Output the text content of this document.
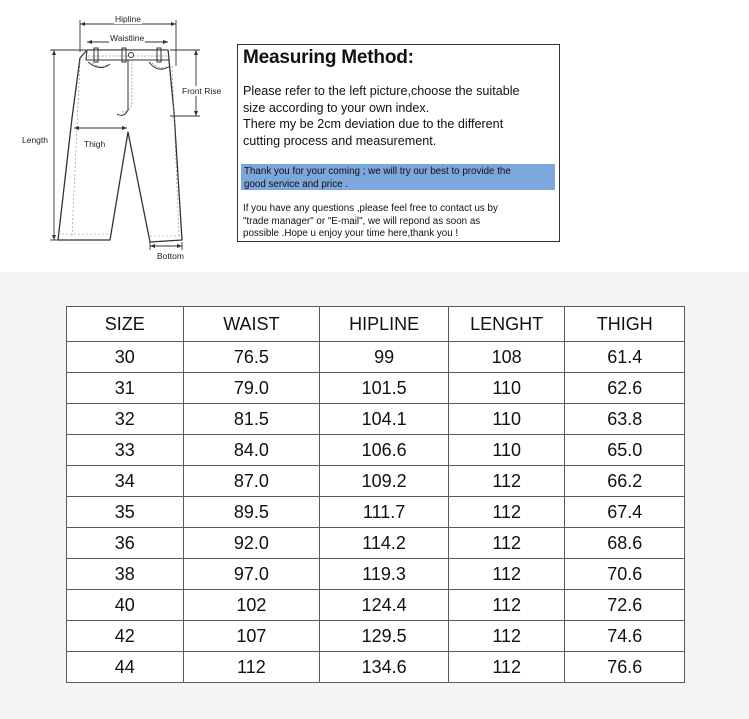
Hipline
Waistline
Front Rise
Length	Thigh
Bottom
Measuring Method:
Please refer to the left picture,choose the suitable
size according to your own index.
There my be 2cm deviation due to the different
cutting process and measurement.
Thank you for your coming ; we will try our best to provide the
good service and price .
If you have any questions ,please feel free to contact us by
"trade manager" or "E-mail", we will repond as soon as
possible .Hope u enjoy your time here,thank you !
SIZE	WAIST	HIPLINE	LENGHT	THIGH
30	76.5	99	108	61.4
31	79.0	101.5	110	62.6
32	81.5	104.1	110	63.8
33	84.0	106.6	110	65.0
34	87.0	109.2	112	66.2
35	89.5	111.7	112	67.4
36	92.0	114.2	112	68.6
38	97.0	119.3	112	70.6
40	102	124.4	112	72.6
42	107	129.5	112	74.6
44	112	134.6	112	76.6
